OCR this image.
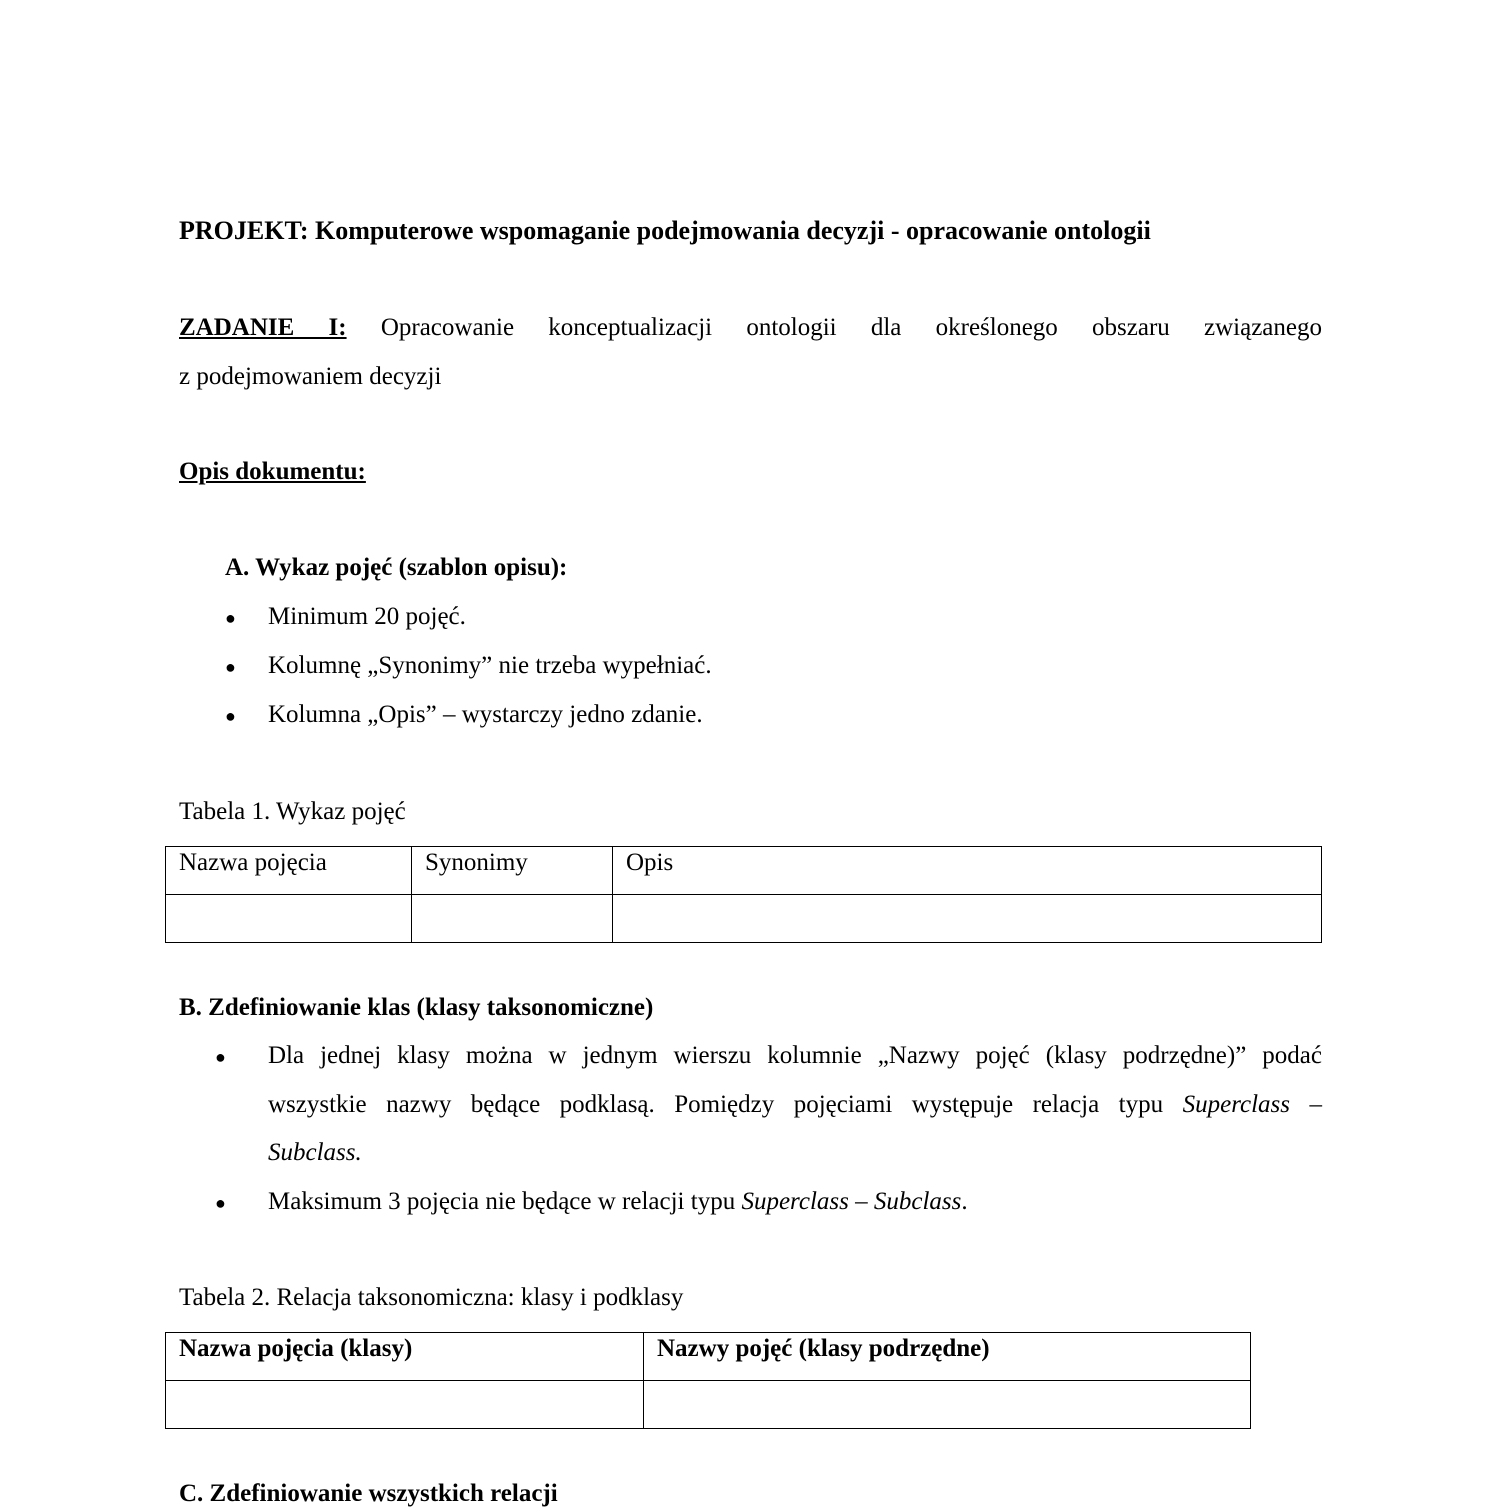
PROJEKT: Komputerowe wspomaganie podejmowania decyzji - opracowanie ontologii
ZADANIE I: Opracowanie konceptualizacji ontologii dla określonego obszaru związanego
z podejmowaniem decyzji
Opis dokumentu:
A. Wykaz pojęć (szablon opisu):
● Minimum 20 pojęć.
● Kolumnę „Synonimy” nie trzeba wypełniać.
● Kolumna „Opis” – wystarczy jedno zdanie.
Tabela 1. Wykaz pojęć
Nazwa pojęcia	Synonimy	Opis

B. Zdefiniowanie klas (klasy taksonomiczne)
● Dla jednej klasy można w jednym wierszu kolumnie „Nazwy pojęć (klasy podrzędne)” podać
wszystkie nazwy będące podklasą. Pomiędzy pojęciami występuje relacja typu Superclass –
Subclass.
● Maksimum 3 pojęcia nie będące w relacji typu Superclass – Subclass.
Tabela 2. Relacja taksonomiczna: klasy i podklasy
Nazwa pojęcia (klasy)	Nazwy pojęć (klasy podrzędne)

C. Zdefiniowanie wszystkich relacji
